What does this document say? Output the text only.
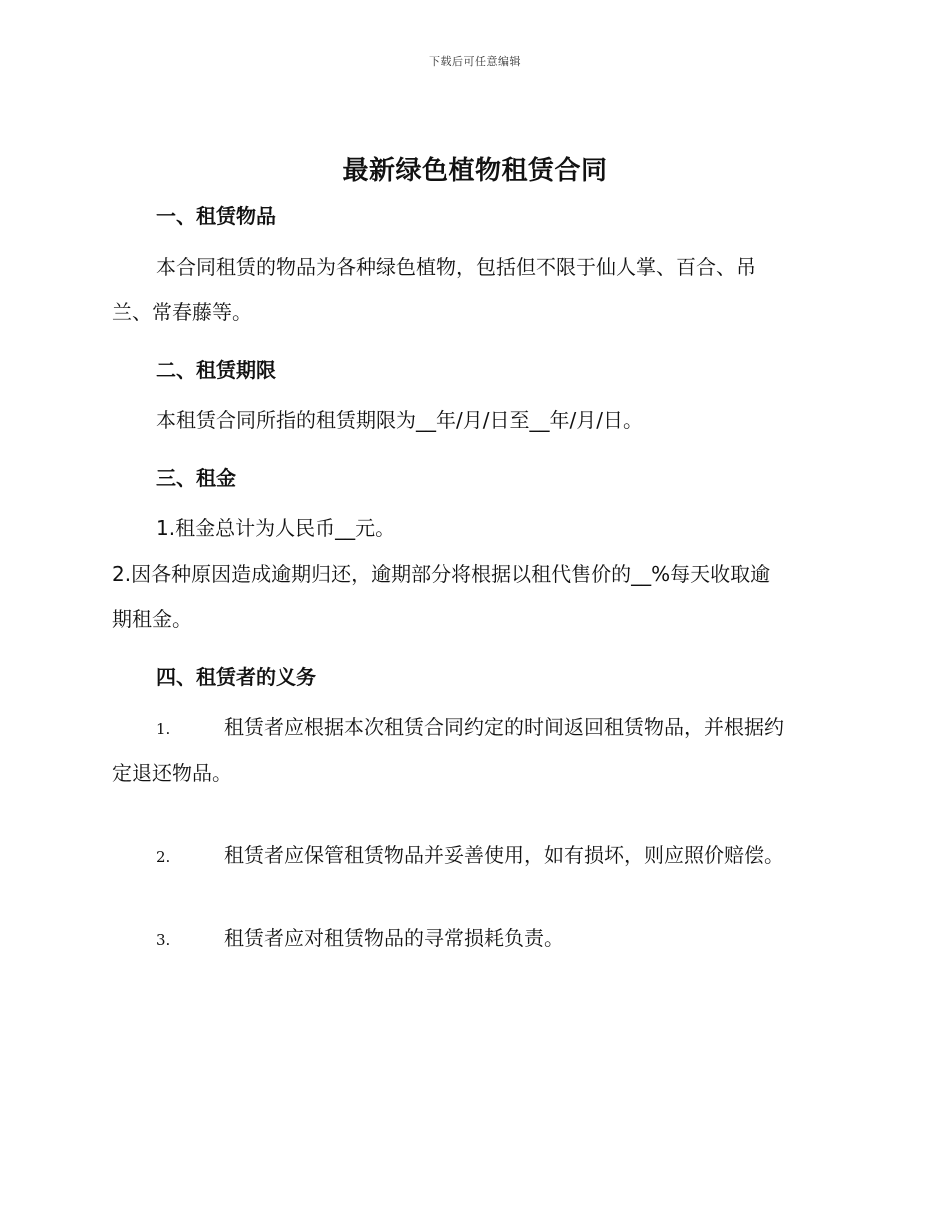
下载后可任意编辑
最新绿色植物租赁合同
一、租赁物品
本合同租赁的物品为各种绿色植物，包括但不限于仙人掌、百合、吊
兰、常春藤等。
二、租赁期限
本租赁合同所指的租赁期限为__年/月/日至__年/月/日。
三、租金
1.租金总计为人民币__元。
2.因各种原因造成逾期归还，逾期部分将根据以租代售价的__%每天收取逾
期租金。
四、租赁者的义务
1.	租赁者应根据本次租赁合同约定的时间返回租赁物品，并根据约
定退还物品。
2.	租赁者应保管租赁物品并妥善使用，如有损坏，则应照价赔偿。
3.	租赁者应对租赁物品的寻常损耗负责。
